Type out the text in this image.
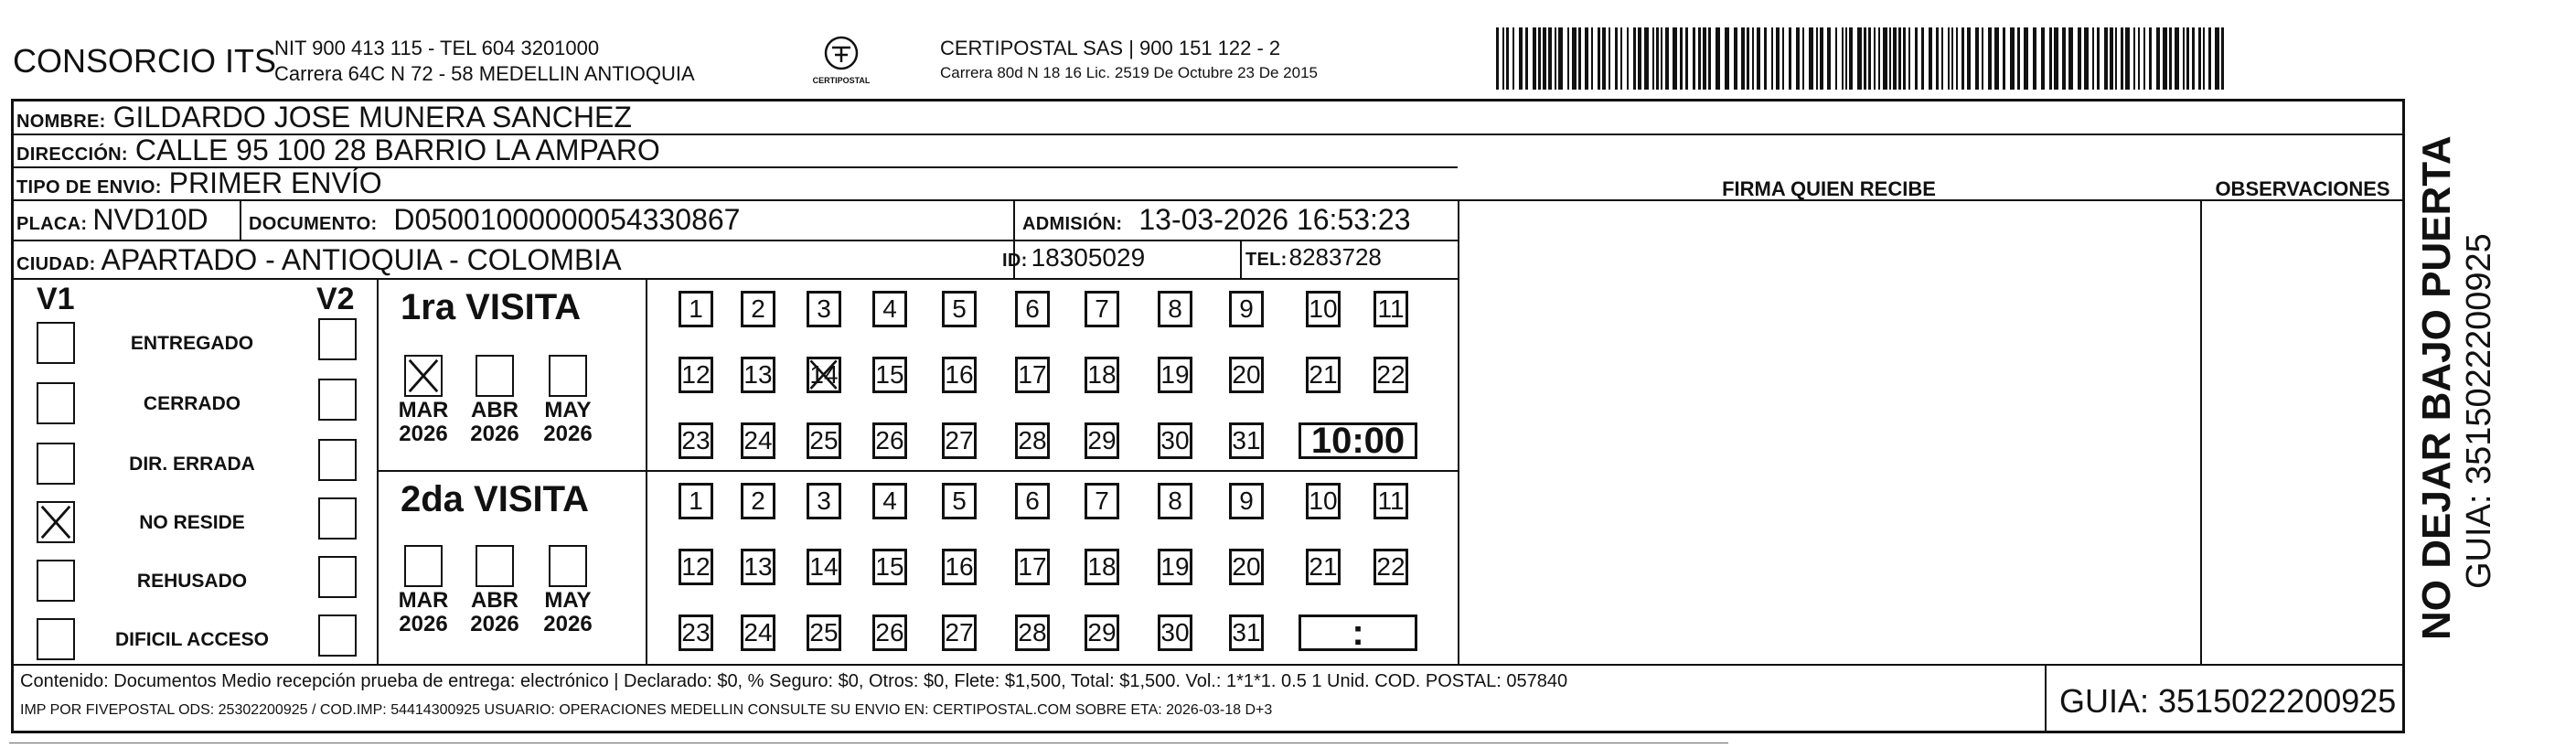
CONSORCIO ITS
NIT 900 413 115 - TEL 604 3201000
Carrera 64C N 72 - 58 MEDELLIN ANTIOQUIA	CERTIPOSTAL
CERTIPOSTAL SAS | 900 151 122 - 2
Carrera 80d N 18 16 Lic. 2519 De Octubre 23 De 2015
NOMBRE: GILDARDO JOSE MUNERA SANCHEZ
DIRECCIÓN: CALLE 95 100 28 BARRIO LA AMPARO
TIPO DE ENVIO: PRIMER ENVÍO	FIRMA QUIEN RECIBE	OBSERVACIONES
PLACA: NVD10D DOCUMENTO: D05001000000054330867	ADMISIÓN: 13-03-2026 16:53:23
CIUDAD: APARTADO - ANTIOQUIA - COLOMBIA	ID: 18305029	TEL: 8283728
V1	V2
ENTREGADO
CERRADO
DIR. ERRADA
NO RESIDE
REHUSADO
DIFICIL ACCESO
1ra VISITA
MAR
2026
ABR
2026
MAY
2026
1 2 3 4 5 6 7 8 9 10 11
12 13 14 15 16 17 18 19 20 21 22
23 24 25 26 27 28 29 30 31	10:00
2da VISITA
MAR
2026
ABR
2026
MAY
2026
1 2 3 4 5 6 7 8 9 10 11
12 13 14 15 16 17 18 19 20 21 22
23 24 25 26 27 28 29 30 31	:
Contenido: Documentos Medio recepción prueba de entrega: electrónico | Declarado: $0, % Seguro: $0, Otros: $0, Flete: $1,500, Total: $1,500. Vol.: 1*1*1. 0.5 1 Unid. COD. POSTAL: 057840
IMP POR FIVEPOSTAL ODS: 25302200925 / COD.IMP: 54414300925 USUARIO: OPERACIONES MEDELLIN CONSULTE SU ENVIO EN: CERTIPOSTAL.COM SOBRE ETA: 2026-03-18 D+3	GUIA: 3515022200925
NO DEJAR BAJO PUERTA GUIA: 3515022200925
